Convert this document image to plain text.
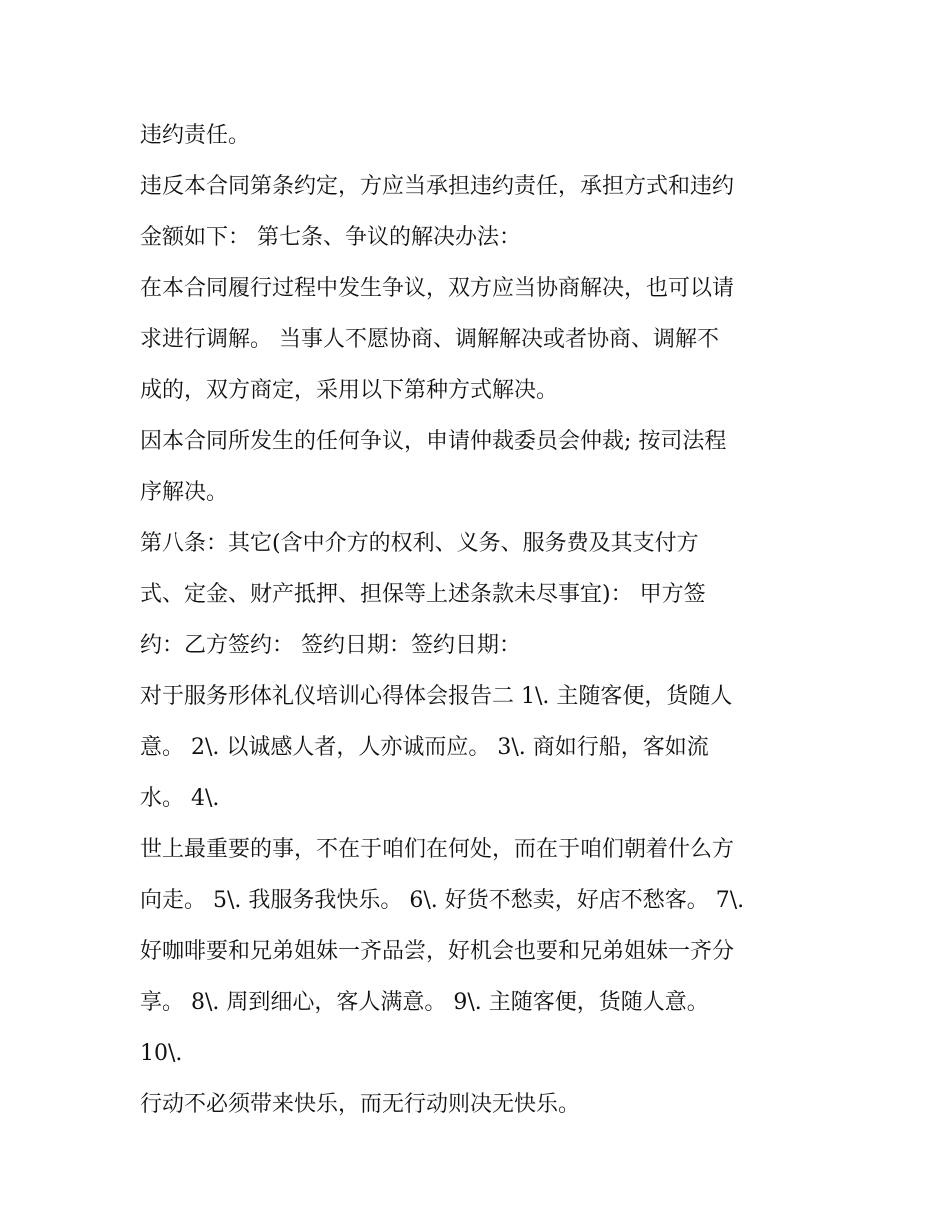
违约责任。

违反本合同第条约定，方应当承担违约责任，承担方式和违约

金额如下： 第七条、争议的解决办法：

在本合同履行过程中发生争议，双方应当协商解决，也可以请

求进行调解。 当事人不愿协商、调解解决或者协商、调解不

成的，双方商定，采用以下第种方式解决。

因本合同所发生的任何争议，申请仲裁委员会仲裁; 按司法程

序解决。

第八条：其它(含中介方的权利、义务、服务费及其支付方

式、定金、财产抵押、担保等上述条款未尽事宜)： 甲方签

约：乙方签约： 签约日期：签约日期：

对于服务形体礼仪培训心得体会报告二 1\. 主随客便，货随人

意。 2\. 以诚感人者，人亦诚而应。 3\. 商如行船，客如流

水。 4\.

世上最重要的事，不在于咱们在何处，而在于咱们朝着什么方

向走。 5\. 我服务我快乐。 6\. 好货不愁卖，好店不愁客。 7\.

好咖啡要和兄弟姐妹一齐品尝，好机会也要和兄弟姐妹一齐分

享。 8\. 周到细心，客人满意。 9\. 主随客便，货随人意。

10\.

行动不必须带来快乐，而无行动则决无快乐。
